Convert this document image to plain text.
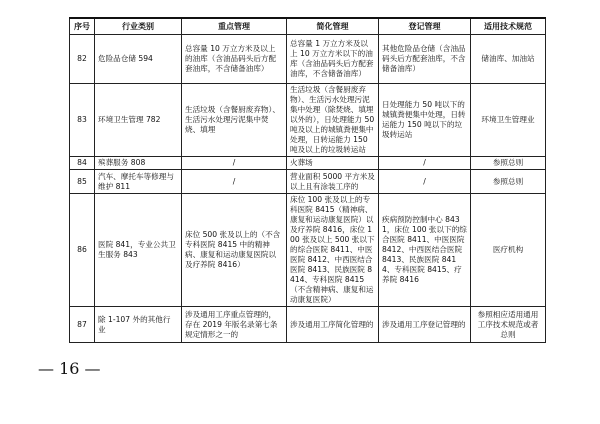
序号	行业类别	重点管理	简化管理	登记管理	适用技术规范
82	危险品仓储 594	总容量 10 万立方米及以上的油库（含油品码头后方配套油库，不含储备油库）	总容量 1 万立方米及以上 10 万立方米以下的油库（含油品码头后方配套油库，不含储备油库）	其他危险品仓储（含油品码头后方配套油库，不含储备油库）	储油库、加油站
83	环境卫生管理 782	生活垃圾（含餐厨废弃物）、生活污水处理污泥集中焚烧、填埋	生活垃圾（含餐厨废弃物）、生活污水处理污泥集中处理（除焚烧、填埋以外的），日处理能力 50 吨及以上的城镇粪便集中处理，日转运能力 150 吨及以上的垃圾转运站	日处理能力 50 吨以下的城镇粪便集中处理，日转运能力 150 吨以下的垃圾转运站	环境卫生管理业
84	殡葬服务 808	/	火葬场	/	参照总则
85	汽车、摩托车等修理与维护 811	/	营业面积 5000 平方米及以上且有涂装工序的	/	参照总则
86	医院 841，专业公共卫生服务 843	床位 500 张及以上的（不含专科医院 8415 中的精神病、康复和运动康复医院以及疗养院 8416）	床位 100 张及以上的专科医院 8415（精神病、康复和运动康复医院）以及疗养院 8416，床位 100 张及以上 500 张以下的综合医院 8411、中医医院 8412、中西医结合医院 8413、民族医院 8414、专科医院 8415（不含精神病、康复和运动康复医院）	疾病预防控制中心 8431，床位 100 张以下的综合医院 8411、中医医院 8412、中西医结合医院 8413、民族医院 8414、专科医院 8415、疗养院 8416	医疗机构
87	除 1-107 外的其他行业	涉及通用工序重点管理的，存在 2019 年版名录第七条规定情形之一的	涉及通用工序简化管理的	涉及通用工序登记管理的	参照相应适用通用工序技术规范或者总则
— 16 —
